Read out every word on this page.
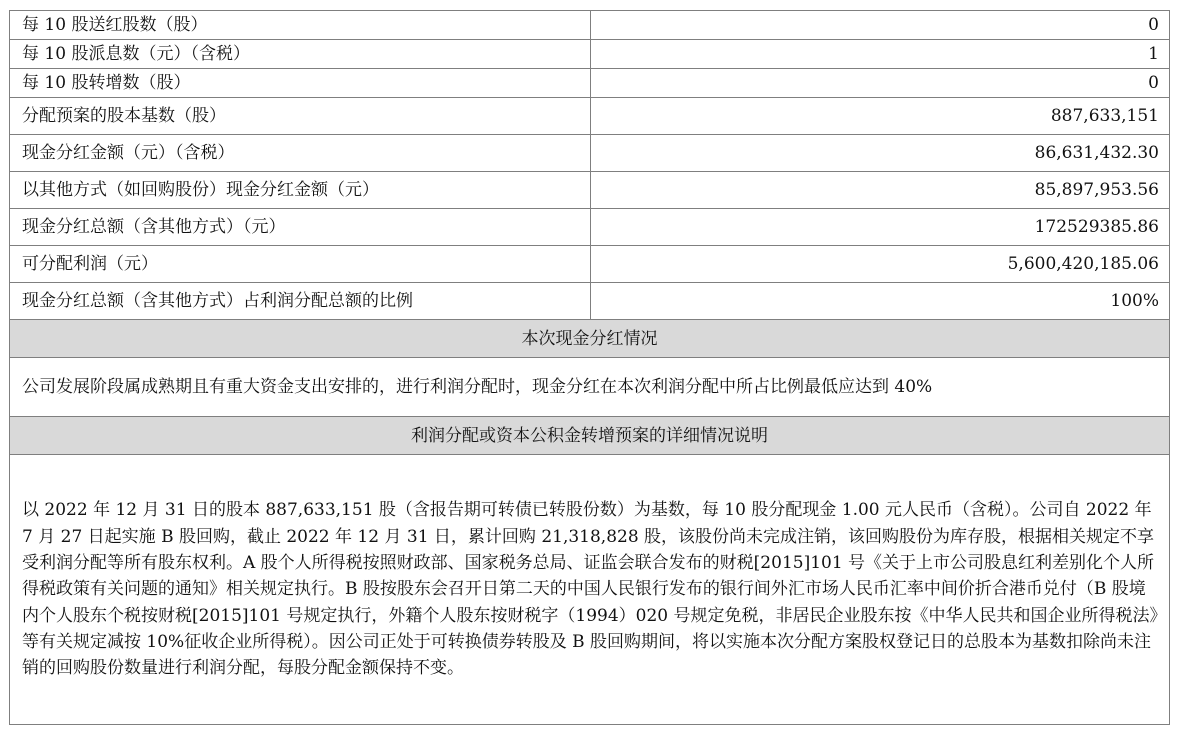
每 10 股送红股数（股）	0
每 10 股派息数（元）（含税）	1
每 10 股转增数（股）	0
分配预案的股本基数（股）	887,633,151
现金分红金额（元）（含税）	86,631,432.30
以其他方式（如回购股份）现金分红金额（元）	85,897,953.56
现金分红总额（含其他方式）（元）	172529385.86
可分配利润（元）	5,600,420,185.06
现金分红总额（含其他方式）占利润分配总额的比例	100%
本次现金分红情况	
公司发展阶段属成熟期且有重大资金支出安排的，进行利润分配时，现金分红在本次利润分配中所占比例最低应达到 40%	
利润分配或资本公积金转增预案的详细情况说明	
以 2022 年 12 月 31 日的股本 887,633,151 股（含报告期可转债已转股份数）为基数，每 10 股分配现金 1.00 元人民币（含税）。公司自 2022 年 7 月 27 日起实施 B 股回购，截止 2022 年 12 月 31 日，累计回购 21,318,828 股，该股份尚未完成注销，该回购股份为库存股，根据相关规定不享受利润分配等所有股东权利。A 股个人所得税按照财政部、国家税务总局、证监会联合发布的财税[2015]101 号《关于上市公司股息红利差别化个人所得税政策有关问题的通知》相关规定执行。B 股按股东会召开日第二天的中国人民银行发布的银行间外汇市场人民币汇率中间价折合港币兑付（B 股境内个人股东个税按财税[2015]101 号规定执行，外籍个人股东按财税字（1994）020 号规定免税，非居民企业股东按《中华人民共和国企业所得税法》等有关规定减按 10%征收企业所得税）。因公司正处于可转换债券转股及 B 股回购期间，将以实施本次分配方案股权登记日的总股本为基数扣除尚未注销的回购股份数量进行利润分配，每股分配金额保持不变。	
